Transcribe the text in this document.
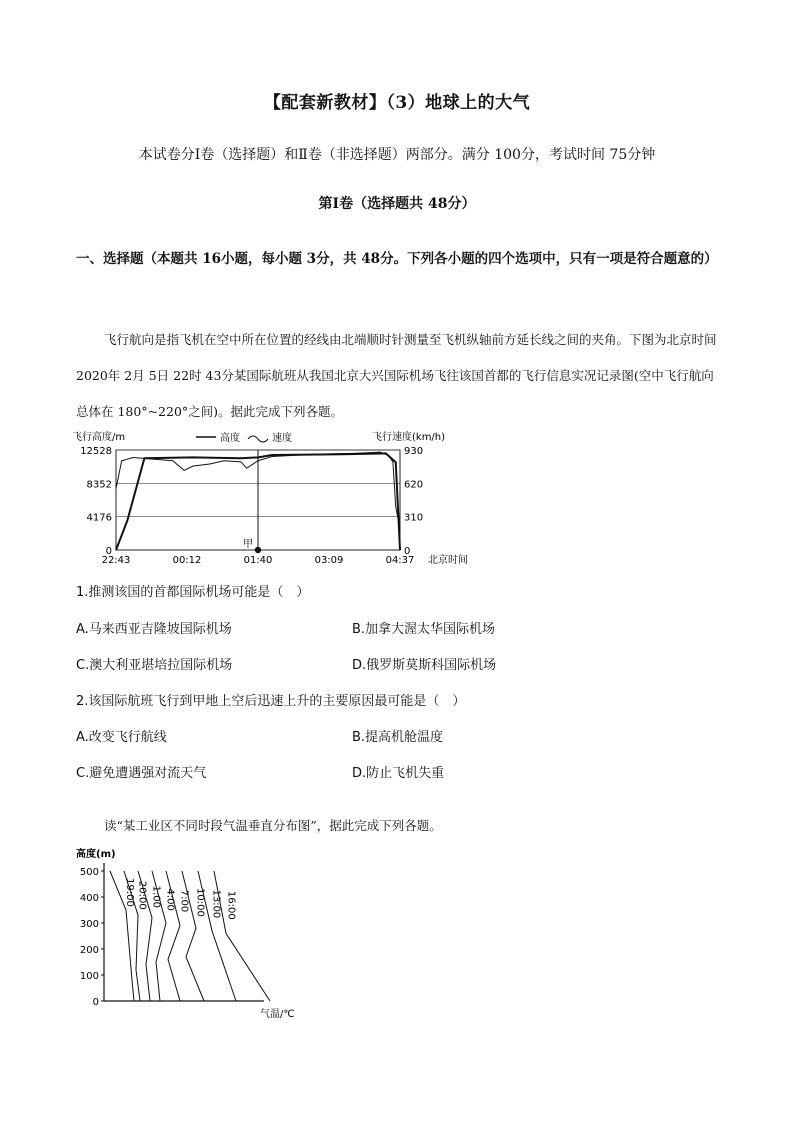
【配套新教材】（3）地球上的大气
本试卷分Ⅰ卷（选择题）和Ⅱ卷（非选择题）两部分。满分 100分，考试时间 75分钟
第Ⅰ卷（选择题共 48分）
一、选择题（本题共 16小题，每小题 3分，共 48分。下列各小题的四个选项中，只有一项是符合题意的）
飞行航向是指飞机在空中所在位置的经线由北端顺时针测量至飞机纵轴前方延长线之间的夹角。下图为北京时间 2020年 2月 5日 22时 43分某国际航班从我国北京大兴国际机场飞往该国首都的飞行信息实况记录图(空中飞行航向总体在 180°~220°之间)。据此完成下列各题。
0
4176
8352
12528
0
310
620
930
22:43	00:12	01:40	03:09	04:37 北京时间
飞行高度/m	飞行速度(km/h)
高度	速度
甲
1.推测该国的首都国际机场可能是（　）
A.马来西亚吉隆坡国际机场	B.加拿大渥太华国际机场
C.澳大利亚堪培拉国际机场	D.俄罗斯莫斯科国际机场
2.该国际航班飞行到甲地上空后迅速上升的主要原因最可能是（　）
A.改变飞行航线	B.提高机舱温度
C.避免遭遇强对流天气	D.防止飞机失重
读“某工业区不同时段气温垂直分布图”，据此完成下列各题。
高度(m)
气温/℃
0
100
200
300
400
500
19:00 20:00 1:00 4:00 7:00 10:00 13:00 16:00
